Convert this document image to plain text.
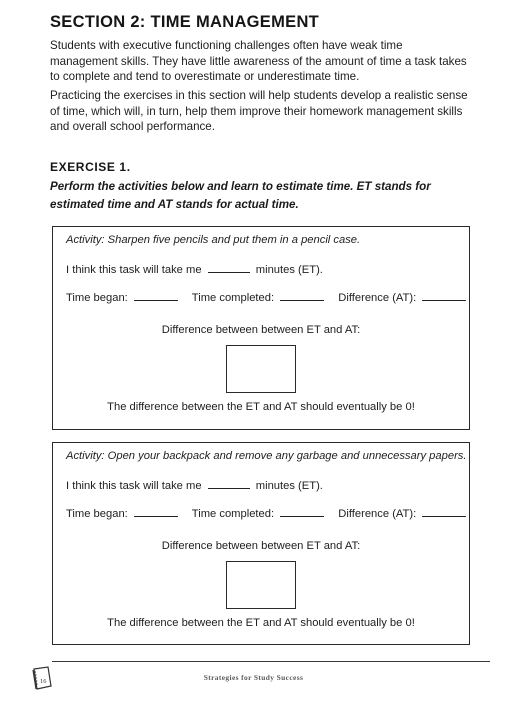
SECTION 2: TIME MANAGEMENT

Students with executive functioning challenges often have weak time management skills. They have little awareness of the amount of time a task takes to complete and tend to overestimate or underestimate time.

Practicing the exercises in this section will help students develop a realistic sense of time, which will, in turn, help them improve their homework management skills and overall school performance.

EXERCISE 1.

Perform the activities below and learn to estimate time. ET stands for estimated time and AT stands for actual time.

Activity: Sharpen five pencils and put them in a pencil case.

I think this task will take me	minutes (ET).

Time began:	Time completed:	Difference (AT):

Difference between between ET and AT:

The difference between the ET and AT should eventually be 0!

Activity: Open your backpack and remove any garbage and unnecessary papers.

I think this task will take me	minutes (ET).

Time began:	Time completed:	Difference (AT):

Difference between between ET and AT:

The difference between the ET and AT should eventually be 0!

16	Strategies for Study Success
